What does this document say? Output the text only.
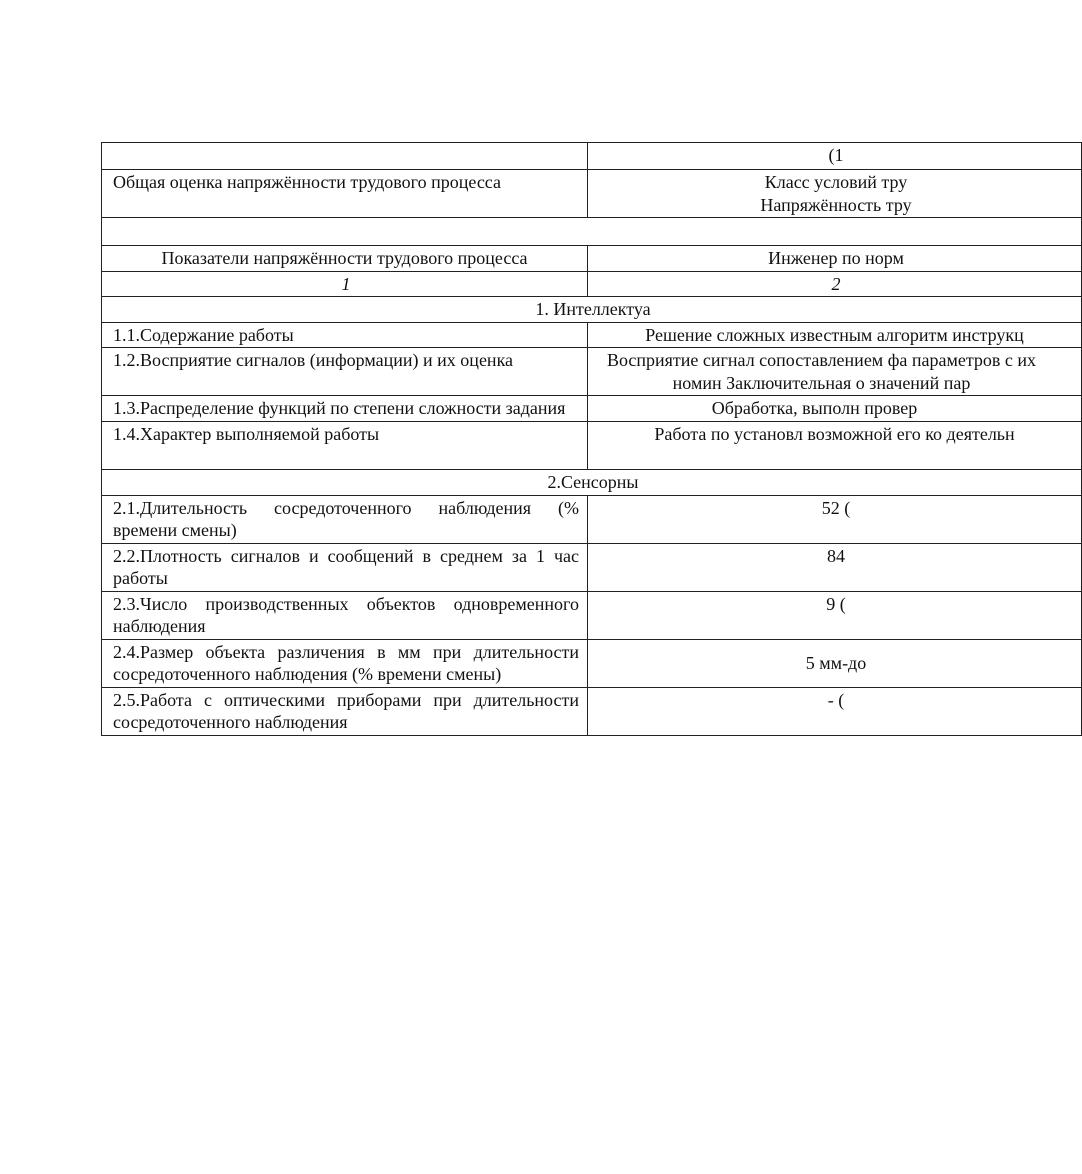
	(1
Общая оценка напряжённости трудового процесса	Класс условий тру
Напряжённость тру

Показатели напряжённости трудового процесса	Инженер по норм
1	2
1. Интеллектуа	
1.1.Содержание работы	Решение сложных известным алгоритм инструкц
1.2.Восприятие сигналов (информации) и их оценка	Восприятие сигнал сопоставлением фа параметров с их номин Заключительная о значений пар
1.3.Распределение функций по степени сложности задания	Обработка, выполн провер
1.4.Характер выполняемой работы	Работа по установл возможной его ко деятельн
2.Сенсорны	
2.1.Длительность сосредоточенного наблюдения (% времени смены)	52 (
2.2.Плотность сигналов и сообщений в среднем за 1 час работы	84
2.3.Число производственных объектов одновременного наблюдения	9 (
2.4.Размер объекта различения в мм при длительности сосредоточенного наблюдения (% времени смены)	5 мм-до
2.5.Работа с оптическими приборами при длительности сосредоточенного наблюдения	- (
